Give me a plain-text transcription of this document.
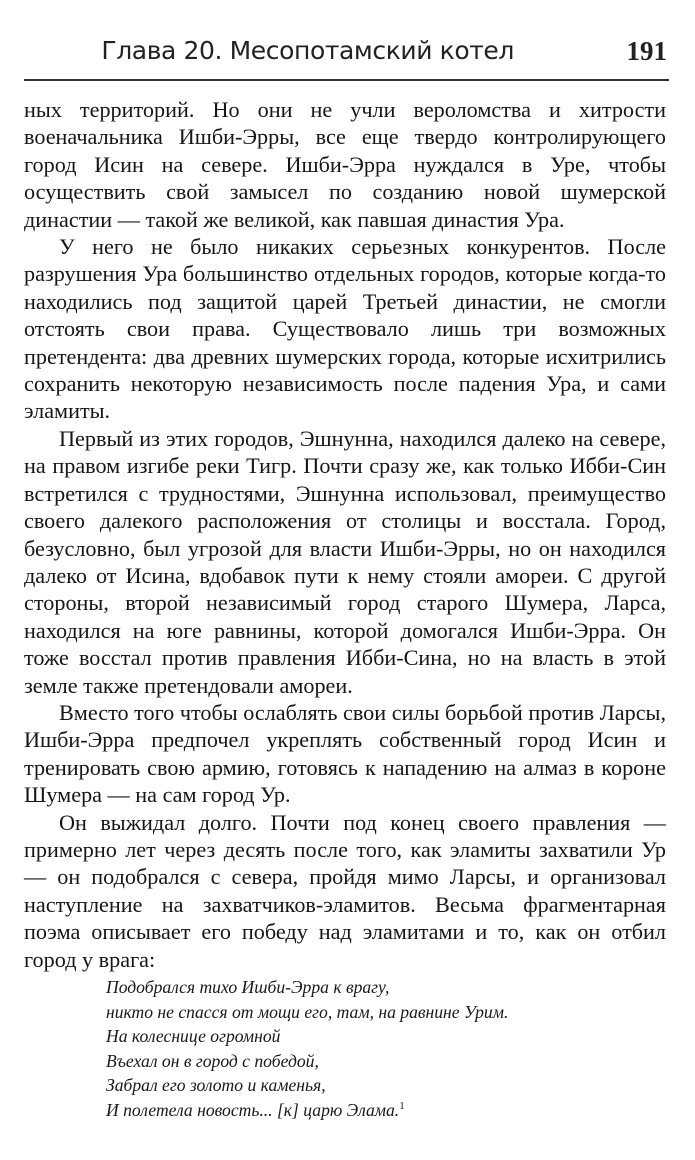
Глава 20. Месопотамский котел	191

ных территорий. Но они не учли вероломства и хитрости военачальника Ишби-Эрры, все еще твердо контролирующего город Исин на севере. Ишби-Эрра нуждался в Уре, чтобы осуществить свой замысел по созданию новой шумерской династии — такой же великой, как павшая династия Ура.

У него не было никаких серьезных конкурентов. После разрушения Ура большинство отдельных городов, которые когда-то находились под защитой царей Третьей династии, не смогли отстоять свои права. Существовало лишь три возможных претендента: два древних шумерских города, которые исхитрились сохранить некоторую независимость после падения Ура, и сами эламиты.

Первый из этих городов, Эшнунна, находился далеко на севере, на правом изгибе реки Тигр. Почти сразу же, как только Ибби-Син встретился с трудностями, Эшнунна использовал, преимущество своего далекого расположения от столицы и восстала. Город, безусловно, был угрозой для власти Ишби-Эрры, но он находился далеко от Исина, вдобавок пути к нему стояли амореи. С другой стороны, второй независимый город старого Шумера, Ларса, находился на юге равнины, которой домогался Ишби-Эрра. Он тоже восстал против правления Ибби-Сина, но на власть в этой земле также претендовали амореи.

Вместо того чтобы ослаблять свои силы борьбой против Ларсы, Ишби-Эрра предпочел укреплять собственный город Исин и тренировать свою армию, готовясь к нападению на алмаз в короне Шумера — на сам город Ур.

Он выжидал долго. Почти под конец своего правления — примерно лет через десять после того, как эламиты захватили Ур — он подобрался с севера, пройдя мимо Ларсы, и организовал наступление на захватчиков-эламитов. Весьма фрагментарная поэма описывает его победу над эламитами и то, как он отбил город у врага:

Подобрался тихо Ишби-Эрра к врагу,
никто не спасся от мощи его, там, на равнине Урим.
На колеснице огромной
Въехал он в город с победой,
Забрал его золото и каменья,
И полетела новость... [к] царю Элама.$^1$
